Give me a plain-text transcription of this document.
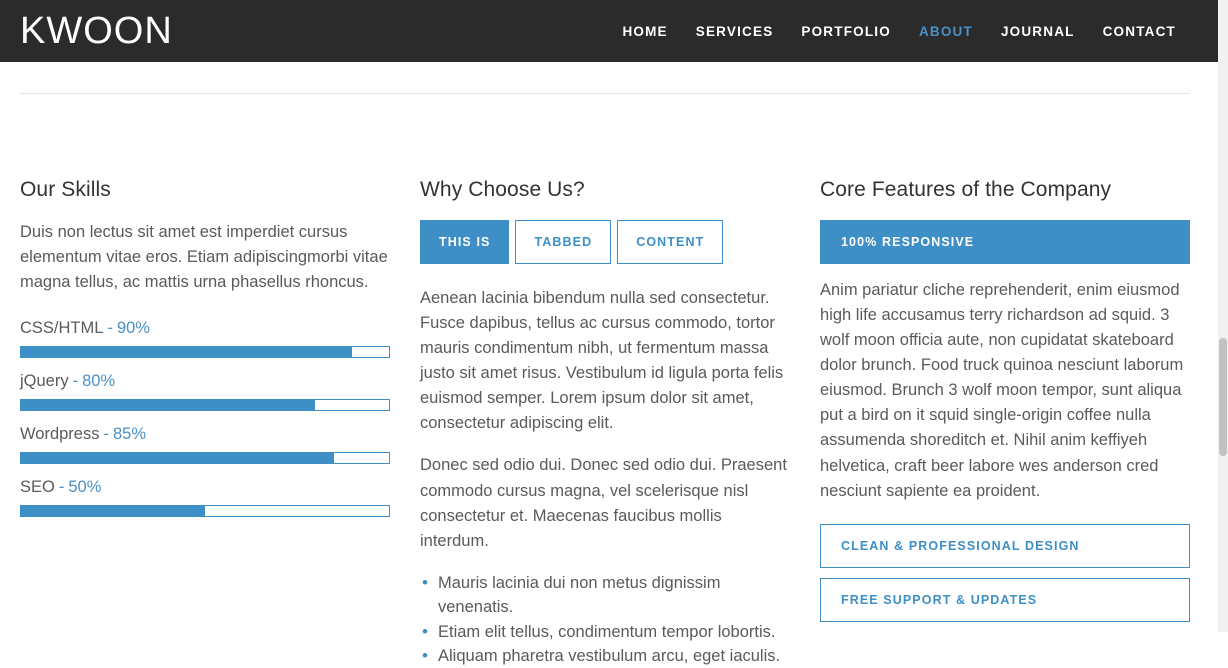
KWOON	HOME	SERVICES	PORTFOLIO	ABOUT	JOURNAL	CONTACT
Our Skills

Duis non lectus sit amet est imperdiet cursus elementum vitae eros. Etiam adipiscingmorbi vitae magna tellus, ac mattis urna phasellus rhoncus.

CSS/HTML - 90%
jQuery - 80%
Wordpress - 85%
SEO - 50%
Why Choose Us?
THIS IS	TABBED	CONTENT

Aenean lacinia bibendum nulla sed consectetur. Fusce dapibus, tellus ac cursus commodo, tortor mauris condimentum nibh, ut fermentum massa justo sit amet risus. Vestibulum id ligula porta felis euismod semper. Lorem ipsum dolor sit amet, consectetur adipiscing elit.

Donec sed odio dui. Donec sed odio dui. Praesent commodo cursus magna, vel scelerisque nisl consectetur et. Maecenas faucibus mollis interdum.

• Mauris lacinia dui non metus dignissim venenatis.
• Etiam elit tellus, condimentum tempor lobortis.
• Aliquam pharetra vestibulum arcu, eget iaculis.
Core Features of the Company
100% RESPONSIVE
Anim pariatur cliche reprehenderit, enim eiusmod high life accusamus terry richardson ad squid. 3 wolf moon officia aute, non cupidatat skateboard dolor brunch. Food truck quinoa nesciunt laborum eiusmod. Brunch 3 wolf moon tempor, sunt aliqua put a bird on it squid single-origin coffee nulla assumenda shoreditch et. Nihil anim keffiyeh helvetica, craft beer labore wes anderson cred nesciunt sapiente ea proident.
CLEAN & PROFESSIONAL DESIGN
FREE SUPPORT & UPDATES
